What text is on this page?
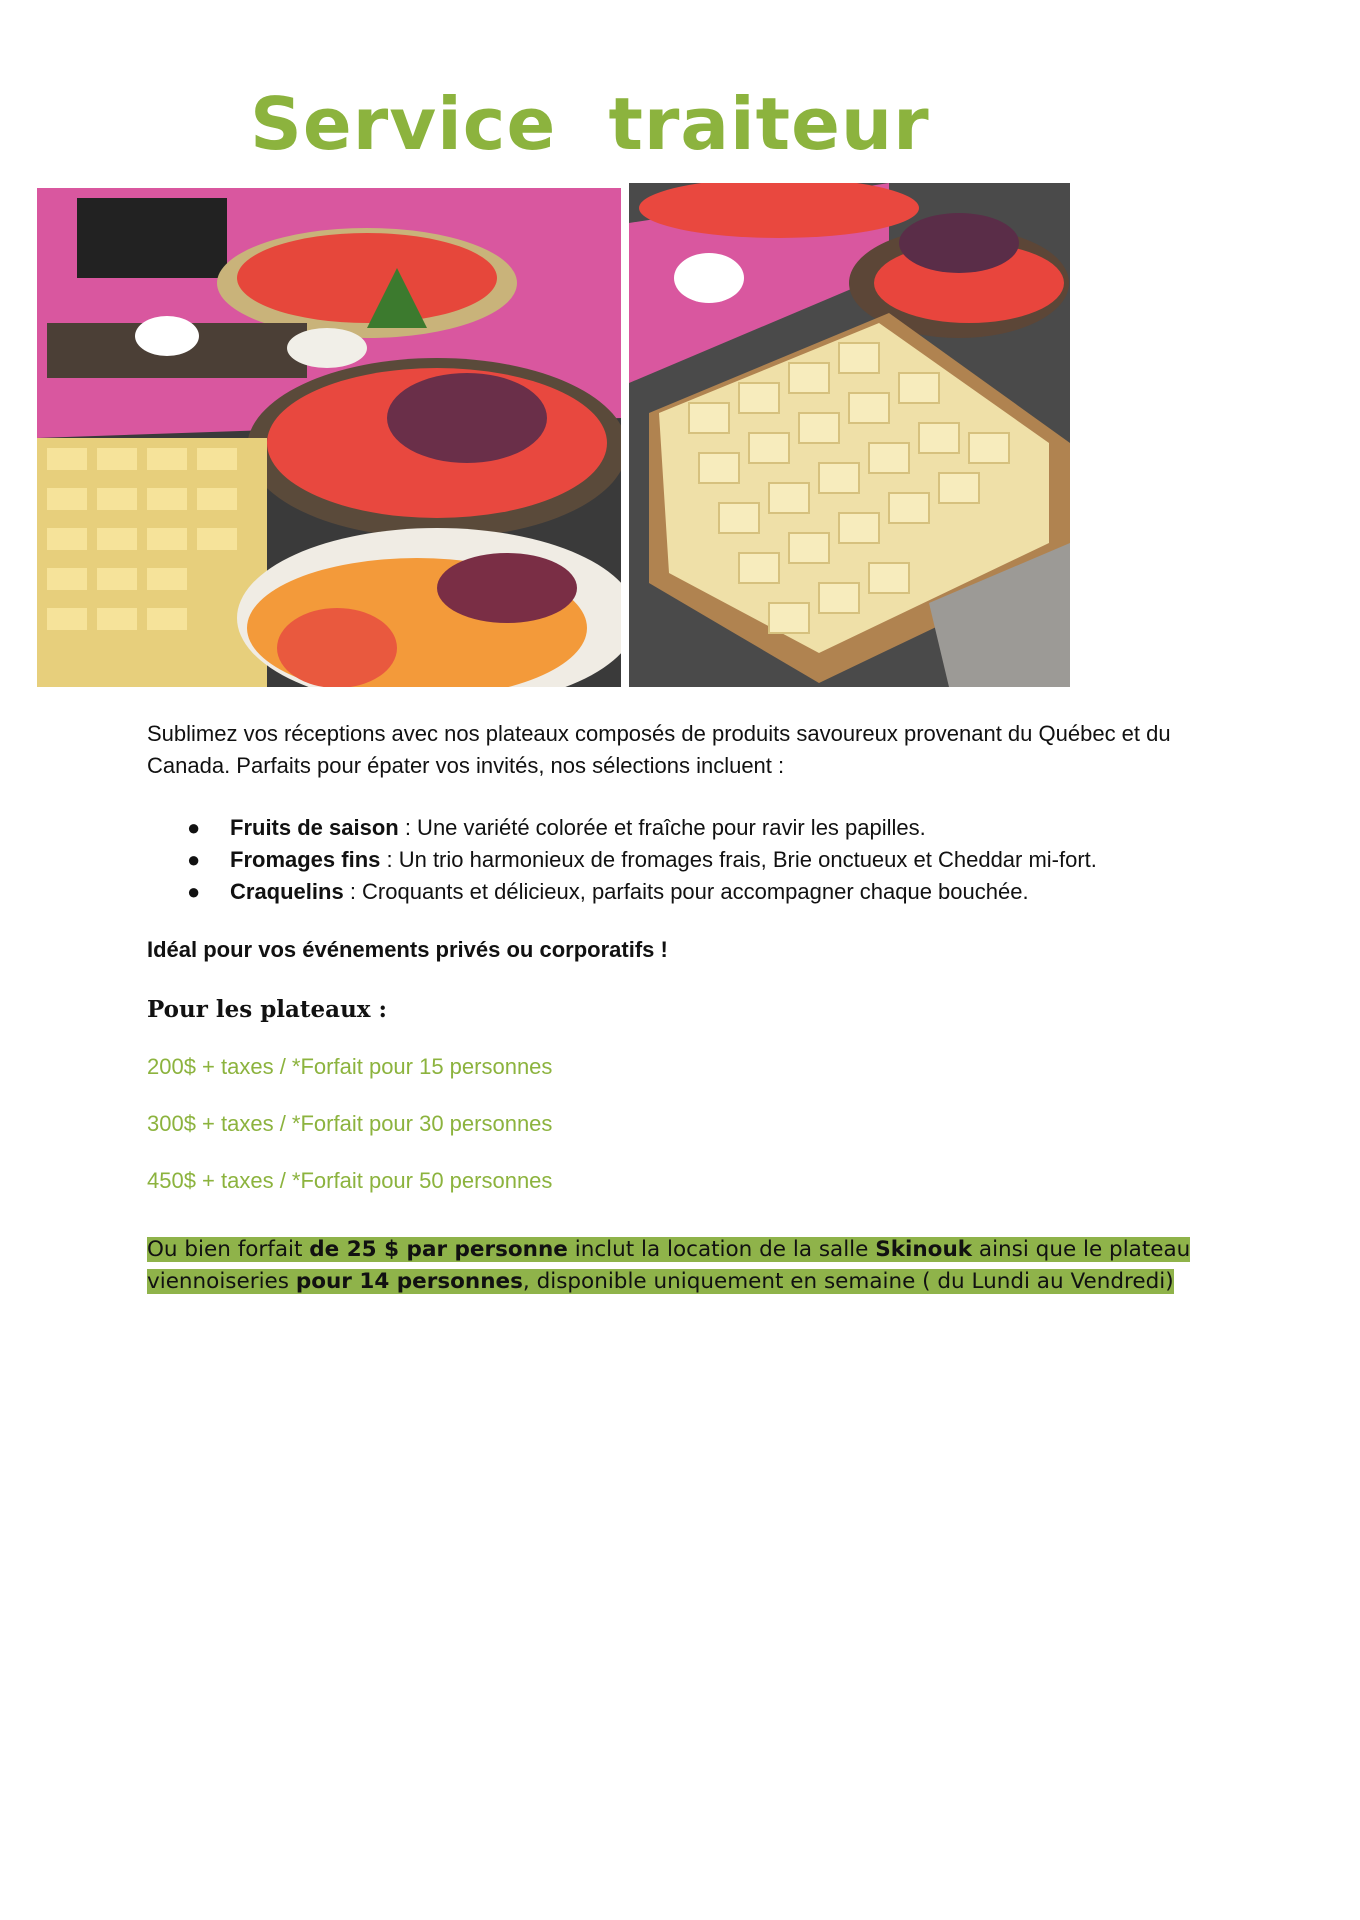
Service  traiteur
Sublimez vos réceptions avec nos plateaux composés de produits savoureux provenant du Québec et du Canada. Parfaits pour épater vos invités, nos sélections incluent :
● Fruits de saison : Une variété colorée et fraîche pour ravir les papilles.
● Fromages fins : Un trio harmonieux de fromages frais, Brie onctueux et Cheddar mi-fort.
● Craquelins : Croquants et délicieux, parfaits pour accompagner chaque bouchée.
Idéal pour vos événements privés ou corporatifs !
Pour les plateaux :
200$ + taxes / *Forfait pour 15 personnes
300$ + taxes / *Forfait pour 30 personnes
450$ + taxes / *Forfait pour 50 personnes
Ou bien forfait de 25 $ par personne inclut la location de la salle Skinouk ainsi que le plateau viennoiseries pour 14 personnes, disponible uniquement en semaine ( du Lundi au Vendredi)
